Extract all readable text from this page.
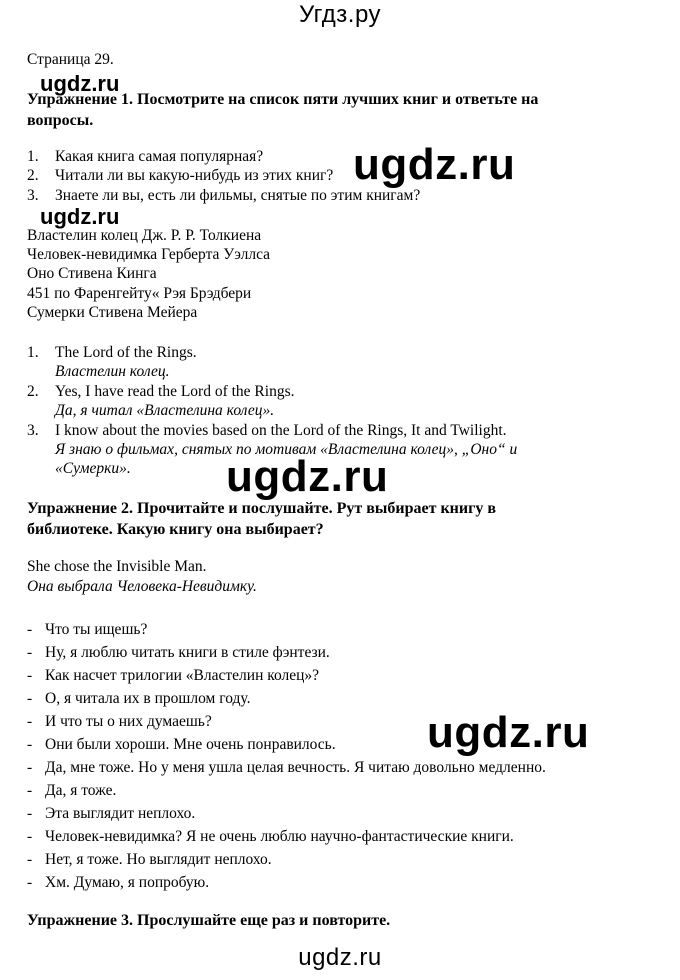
Угдз.ру
Страница 29.
ugdz.ru
ugdz.ru
ugdz.ru
ugdz.ru
ugdz.ru
Упражнение 1. Посмотрите на список пяти лучших книг и ответьте на
вопросы.
1. Какая книга самая популярная?
2. Читали ли вы какую-нибудь из этих книг?
3. Знаете ли вы, есть ли фильмы, снятые по этим книгам?
Властелин колец Дж. Р. Р. Толкиена
Человек-невидимка Герберта Уэллса
Оно Стивена Кинга
451 по Фаренгейту« Рэя Брэдбери
Сумерки Стивена Мейера
1. The Lord of the Rings.
Властелин колец.
2. Yes, I have read the Lord of the Rings.
Да, я читал «Властелина колец».
3. I know about the movies based on the Lord of the Rings, It and Twilight.
Я знаю о фильмах, снятых по мотивам «Властелина колец», „Оно“ и
«Сумерки».
Упражнение 2. Прочитайте и послушайте. Рут выбирает книгу в
библиотеке. Какую книгу она выбирает?
She chose the Invisible Man.
Она выбрала Человека-Невидимку.
- Что ты ищешь?
- Ну, я люблю читать книги в стиле фэнтези.
- Как насчет трилогии «Властелин колец»?
- О, я читала их в прошлом году.
- И что ты о них думаешь?
- Они были хороши. Мне очень понравилось.
- Да, мне тоже. Но у меня ушла целая вечность. Я читаю довольно медленно.
- Да, я тоже.
- Эта выглядит неплохо.
- Человек-невидимка? Я не очень люблю научно-фантастические книги.
- Нет, я тоже. Но выглядит неплохо.
- Хм. Думаю, я попробую.
Упражнение 3. Прослушайте еще раз и повторите.
ugdz.ru
